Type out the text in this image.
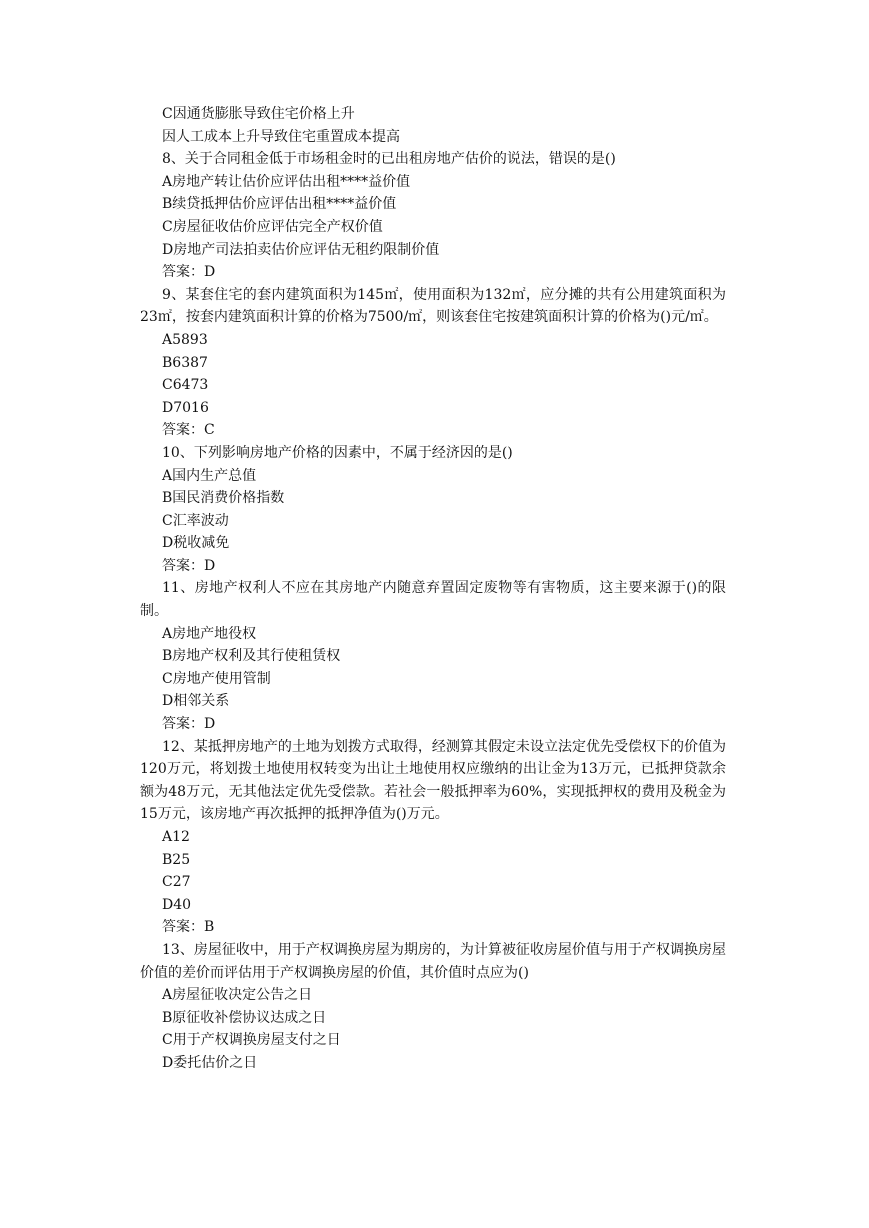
C因通货膨胀导致住宅价格上升

因人工成本上升导致住宅重置成本提高

8、关于合同租金低于市场租金时的已出租房地产估价的说法，错误的是()

A房地产转让估价应评估出租****益价值

B续贷抵押估价应评估出租****益价值

C房屋征收估价应评估完全产权价值

D房地产司法拍卖估价应评估无租约限制价值

答案：D

9、某套住宅的套内建筑面积为145㎡，使用面积为132㎡，应分摊的共有公用建筑面积为23㎡，按套内建筑面积计算的价格为7500/㎡，则该套住宅按建筑面积计算的价格为()元/㎡。

A5893

B6387

C6473

D7016

答案：C

10、下列影响房地产价格的因素中，不属于经济因的是()

A国内生产总值

B国民消费价格指数

C汇率波动

D税收减免

答案：D

11、房地产权利人不应在其房地产内随意弃置固定废物等有害物质，这主要来源于()的限制。

A房地产地役权

B房地产权利及其行使租赁权

C房地产使用管制

D相邻关系

答案：D

12、某抵押房地产的土地为划拨方式取得，经测算其假定未设立法定优先受偿权下的价值为120万元，将划拨土地使用权转变为出让土地使用权应缴纳的出让金为13万元，已抵押贷款余额为48万元，无其他法定优先受偿款。若社会一般抵押率为60%，实现抵押权的费用及税金为15万元，该房地产再次抵押的抵押净值为()万元。

A12

B25

C27

D40

答案：B

13、房屋征收中，用于产权调换房屋为期房的，为计算被征收房屋价值与用于产权调换房屋价值的差价而评估用于产权调换房屋的价值，其价值时点应为()

A房屋征收决定公告之日

B原征收补偿协议达成之日

C用于产权调换房屋支付之日

D委托估价之日
